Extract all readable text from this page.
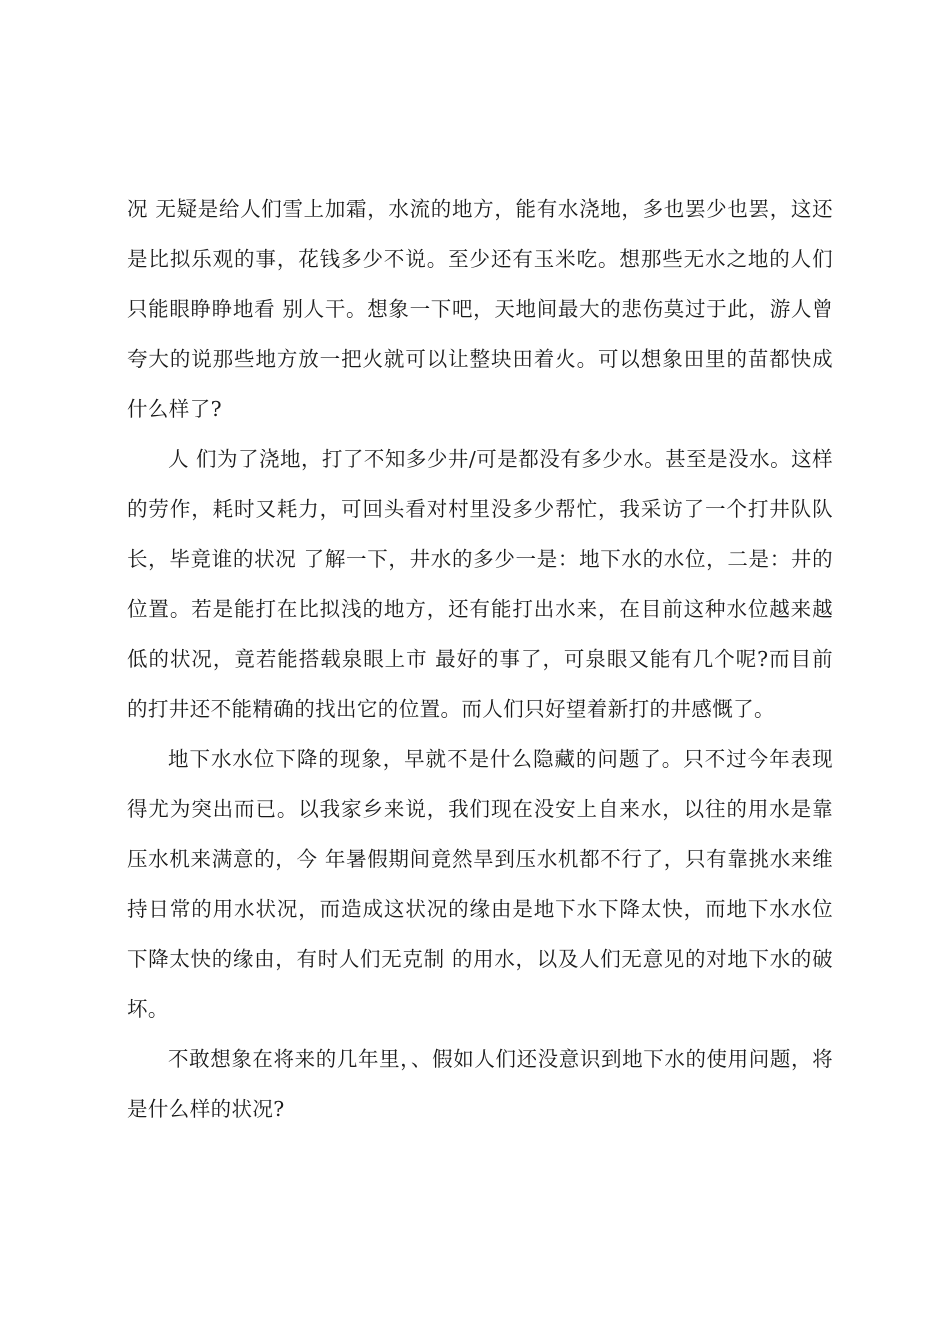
况 无疑是给人们雪上加霜，水流的地方，能有水浇地，多也罢少也罢，这还是比拟乐观的事，花钱多少不说。至少还有玉米吃。想那些无水之地的人们只能眼睁睁地看 别人干。想象一下吧，天地间最大的悲伤莫过于此，游人曾夸大的说那些地方放一把火就可以让整块田着火。可以想象田里的苗都快成什么样了?

人 们为了浇地，打了不知多少井/可是都没有多少水。甚至是没水。这样的劳作，耗时又耗力，可回头看对村里没多少帮忙，我采访了一个打井队队长，毕竟谁的状况 了解一下，井水的多少一是：地下水的水位，二是：井的位置。若是能打在比拟浅的地方，还有能打出水来，在目前这种水位越来越低的状况，竟若能搭载泉眼上市 最好的事了，可泉眼又能有几个呢?而目前的打井还不能精确的找出它的位置。而人们只好望着新打的井感慨了。

地下水水位下降的现象，早就不是什么隐藏的问题了。只不过今年表现得尤为突出而已。以我家乡来说，我们现在没安上自来水，以往的用水是靠压水机来满意的，今 年暑假期间竟然旱到压水机都不行了，只有靠挑水来维持日常的用水状况，而造成这状况的缘由是地下水下降太快，而地下水水位下降太快的缘由，有时人们无克制 的用水，以及人们无意见的对地下水的破坏。

不敢想象在将来的几年里，、假如人们还没意识到地下水的使用问题，将是什么样的状况?
